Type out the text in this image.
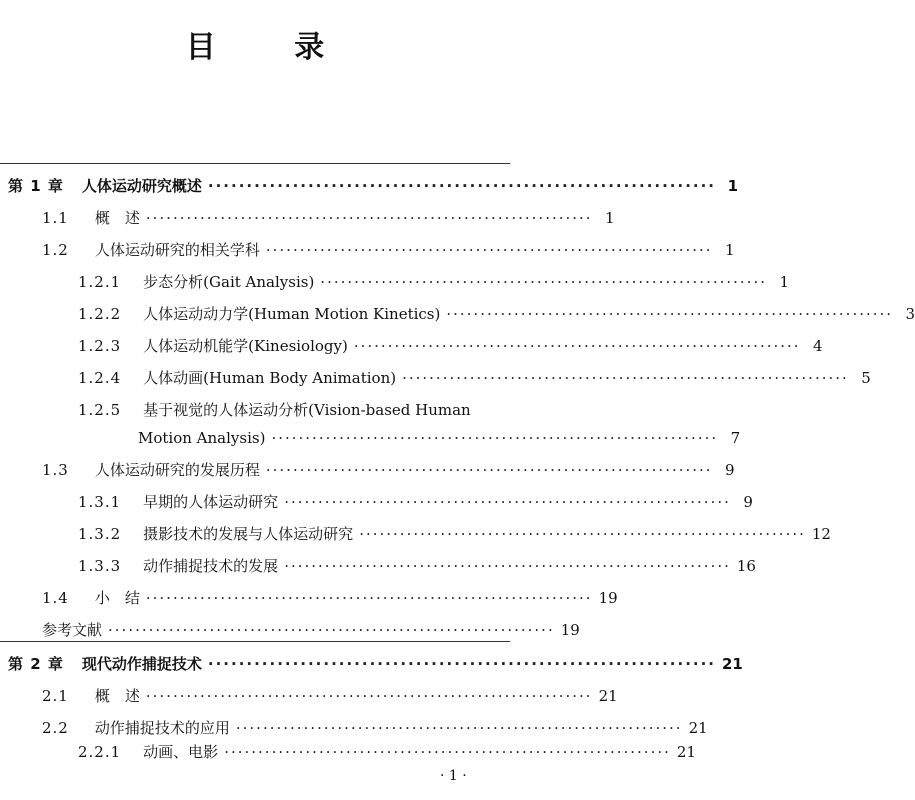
目 录
第 1 章 人体运动研究概述 ·································································· 1
1.1 概　述 ·································································· 1
1.2 人体运动研究的相关学科 ·································································· 1
1.2.1 步态分析(Gait Analysis) ·································································· 1
1.2.2 人体运动动力学(Human Motion Kinetics) ·································································· 3
1.2.3 人体运动机能学(Kinesiology) ·································································· 4
1.2.4 人体动画(Human Body Animation) ·································································· 5
1.2.5 基于视觉的人体运动分析(Vision-based Human
Motion Analysis) ·································································· 7
1.3 人体运动研究的发展历程 ·································································· 9
1.3.1 早期的人体运动研究 ·································································· 9
1.3.2 摄影技术的发展与人体运动研究 ·································································· 12
1.3.3 动作捕捉技术的发展 ·································································· 16
1.4 小　结 ·································································· 19
参考文献 ·································································· 19
第 2 章 现代动作捕捉技术 ·································································· 21
2.1 概　述 ·································································· 21
2.2 动作捕捉技术的应用 ·································································· 21
2.2.1 动画、电影 ·································································· 21
· 1 ·
